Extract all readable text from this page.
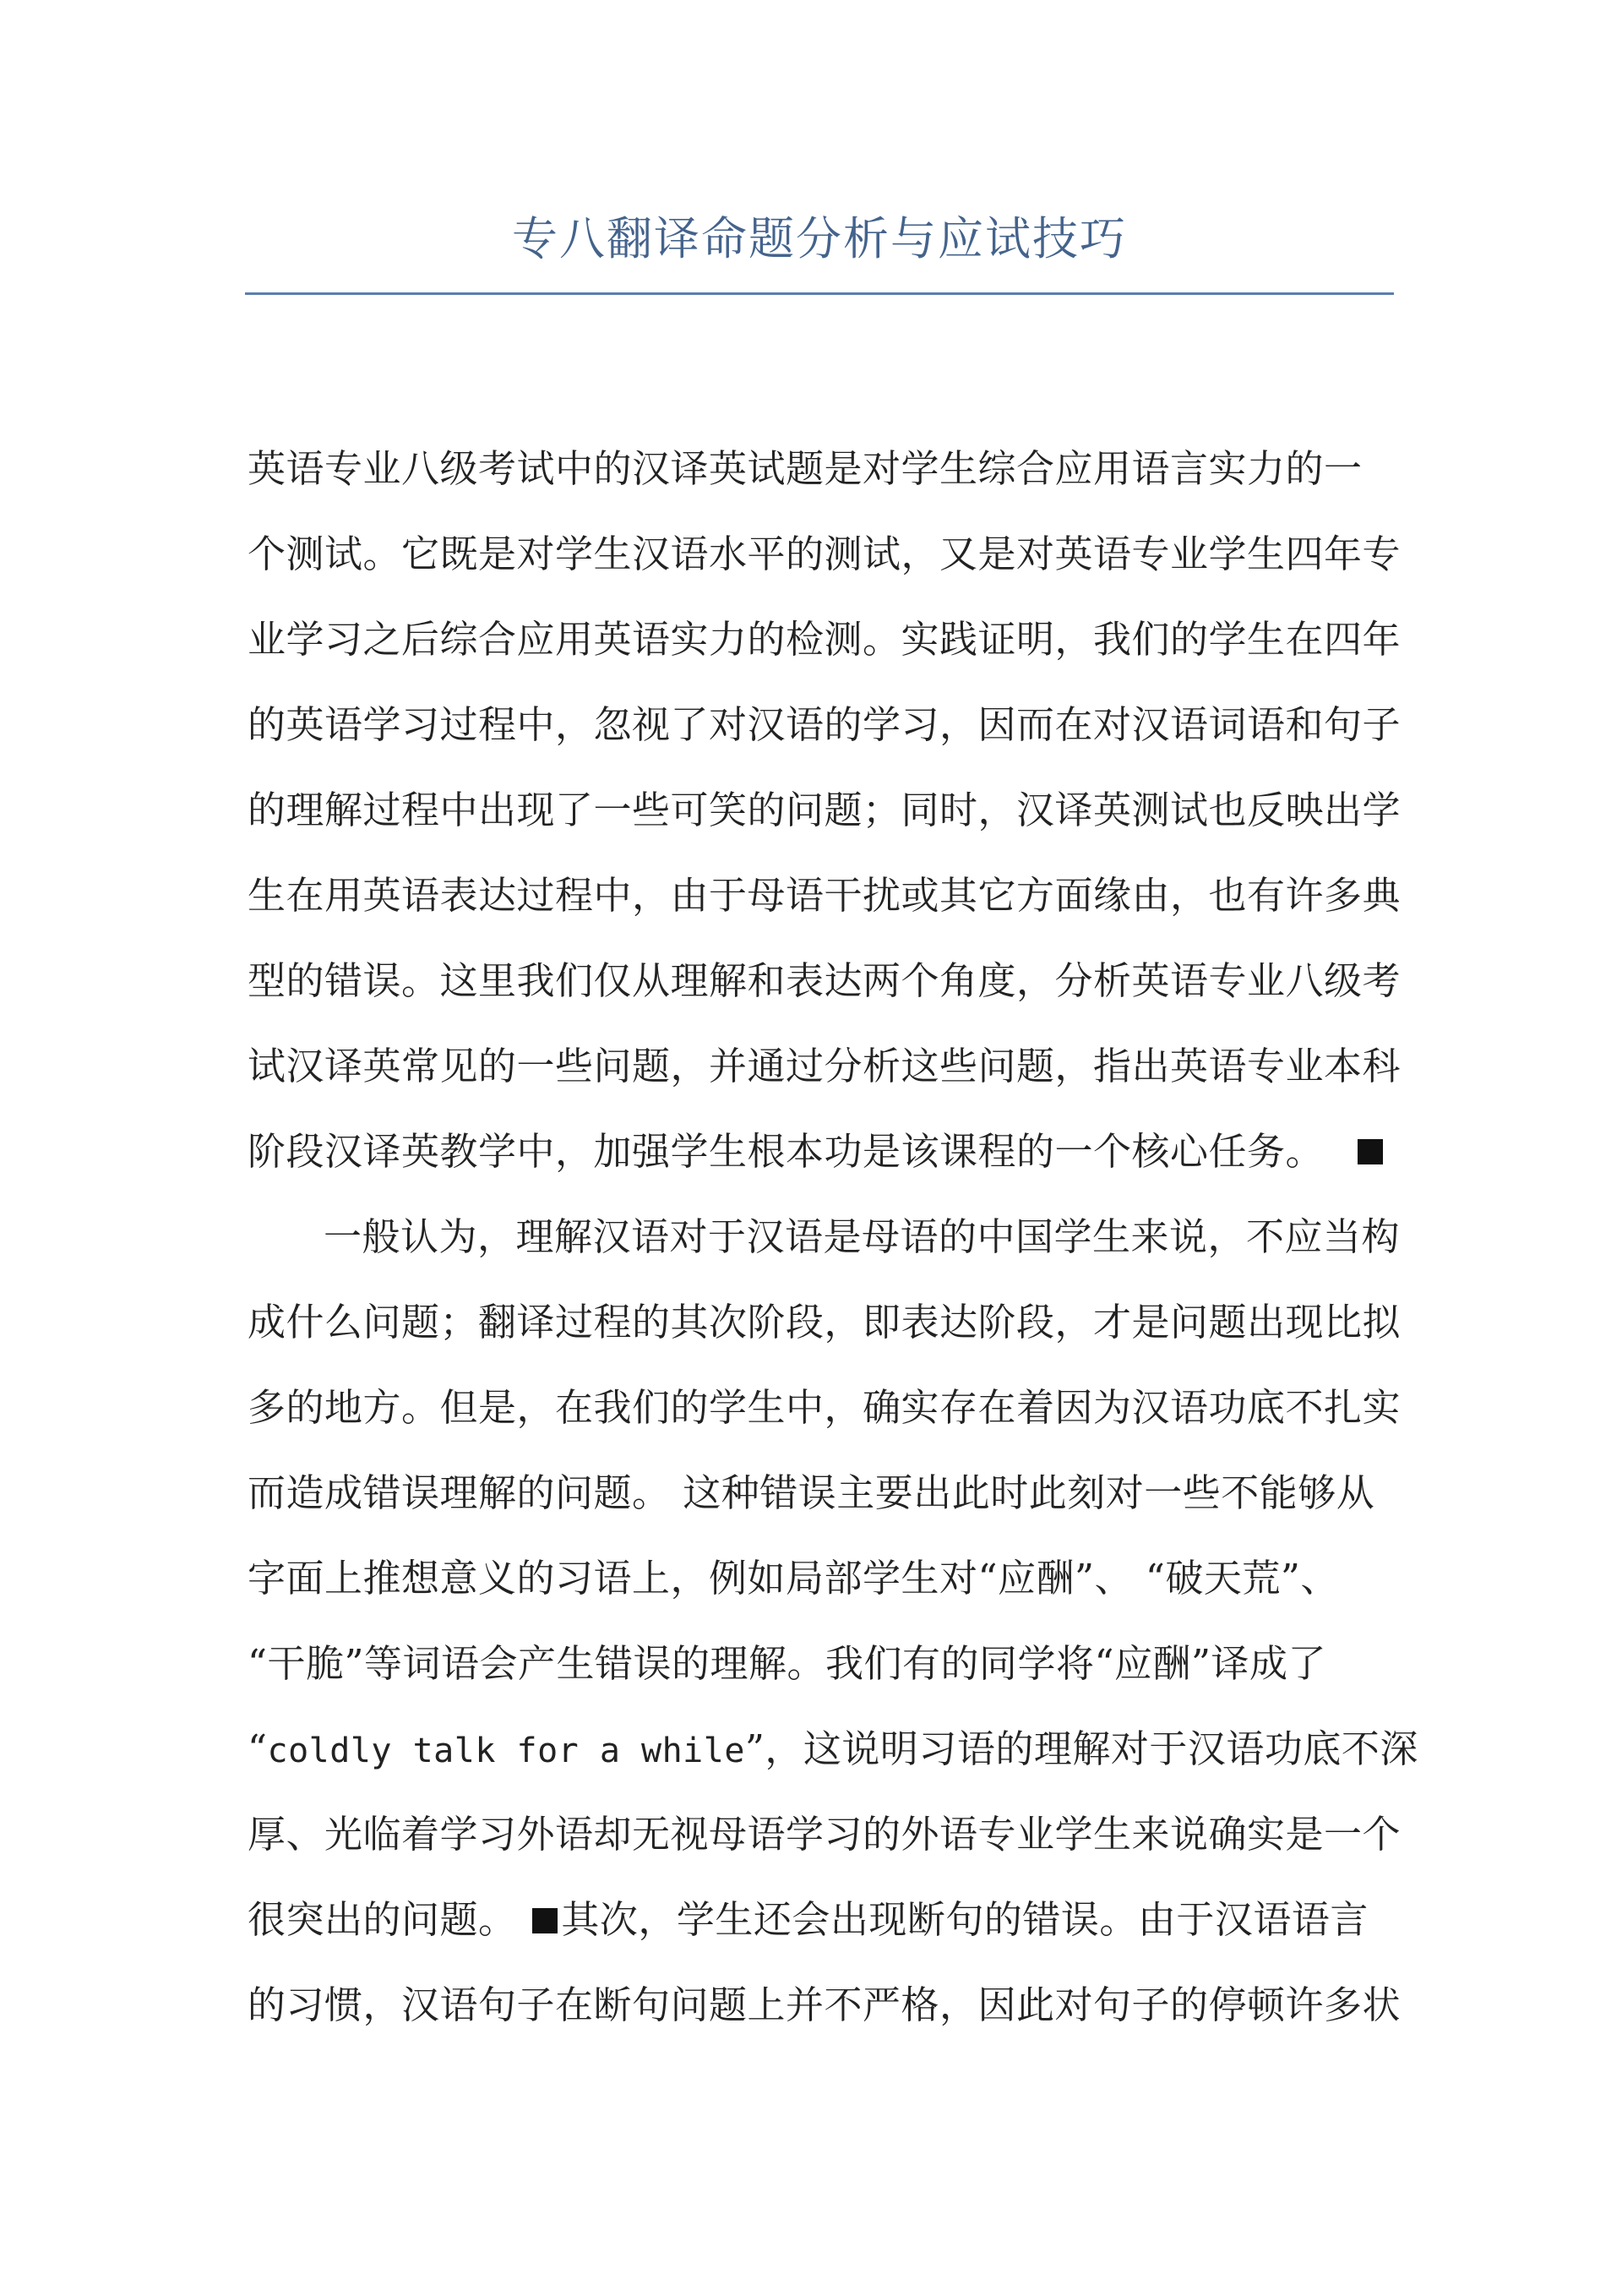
专八翻译命题分析与应试技巧
英语专业八级考试中的汉译英试题是对学生综合应用语言实力的一
个测试。它既是对学生汉语水平的测试，又是对英语专业学生四年专
业学习之后综合应用英语实力的检测。实践证明，我们的学生在四年
的英语学习过程中，忽视了对汉语的学习，因而在对汉语词语和句子
的理解过程中出现了一些可笑的问题；同时，汉译英测试也反映出学
生在用英语表达过程中，由于母语干扰或其它方面缘由，也有许多典
型的错误。这里我们仅从理解和表达两个角度，分析英语专业八级考
试汉译英常见的一些问题，并通过分析这些问题，指出英语专业本科
阶段汉译英教学中，加强学生根本功是该课程的一个核心任务。
一般认为，理解汉语对于汉语是母语的中国学生来说，不应当构
成什么问题；翻译过程的其次阶段，即表达阶段，才是问题出现比拟
多的地方。但是，在我们的学生中，确实存在着因为汉语功底不扎实
而造成错误理解的问题。 这种错误主要出此时此刻对一些不能够从
字面上推想意义的习语上，例如局部学生对“应酬”、 “破天荒”、
“干脆”等词语会产生错误的理解。我们有的同学将“应酬”译成了
“coldly talk for a while”，这说明习语的理解对于汉语功底不深
厚、光临着学习外语却无视母语学习的外语专业学生来说确实是一个
很突出的问题。 其次，学生还会出现断句的错误。由于汉语语言
的习惯，汉语句子在断句问题上并不严格，因此对句子的停顿许多状
